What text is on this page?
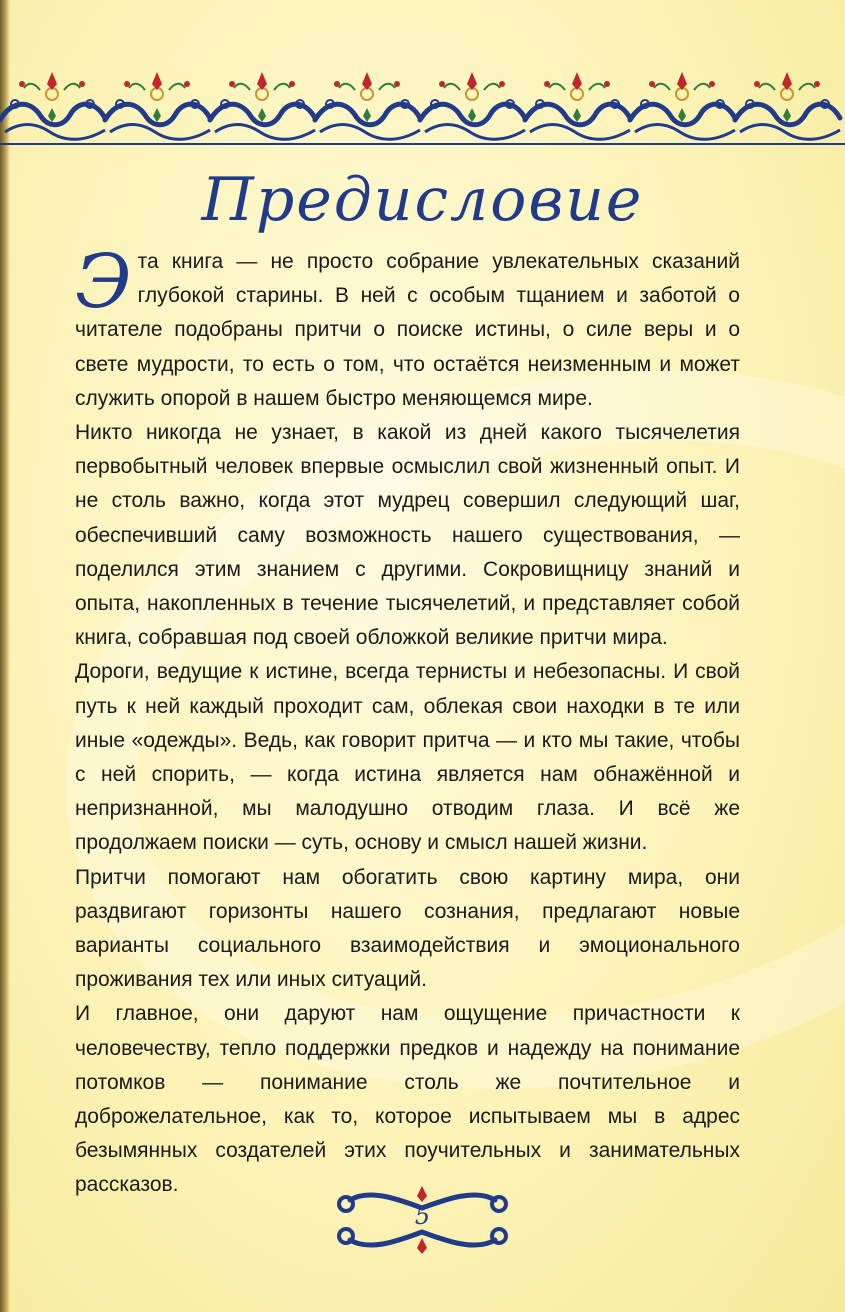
Предисловие

Эта книга — не просто собрание увлекательных сказаний глубокой старины. В ней с особым тщанием и заботой о читателе подобраны притчи о поиске истины, о силе веры и о свете мудрости, то есть о том, что остаётся неизменным и может служить опорой в нашем быстро меняющемся мире.

Никто никогда не узнает, в какой из дней какого тысячелетия первобытный человек впервые осмыслил свой жизненный опыт. И не столь важно, когда этот мудрец совершил следующий шаг, обеспечивший саму возможность нашего существования, — поделился этим знанием с другими. Сокровищницу знаний и опыта, накопленных в течение тысячелетий, и представляет собой книга, собравшая под своей обложкой великие притчи мира.

Дороги, ведущие к истине, всегда тернисты и небезопасны. И свой путь к ней каждый проходит сам, облекая свои находки в те или иные «одежды». Ведь, как говорит притча — и кто мы такие, чтобы с ней спорить, — когда истина является нам обнажённой и непризнанной, мы малодушно отводим глаза. И всё же продолжаем поиски — суть, основу и смысл нашей жизни.

Притчи помогают нам обогатить свою картину мира, они раздвигают горизонты нашего сознания, предлагают новые варианты социального взаимодействия и эмоционального проживания тех или иных ситуаций.

И главное, они даруют нам ощущение причастности к человечеству, тепло поддержки предков и надежду на понимание потомков — понимание столь же почтительное и доброжелательное, как то, которое испытываем мы в адрес безымянных создателей этих поучительных и занимательных рассказов.

5
